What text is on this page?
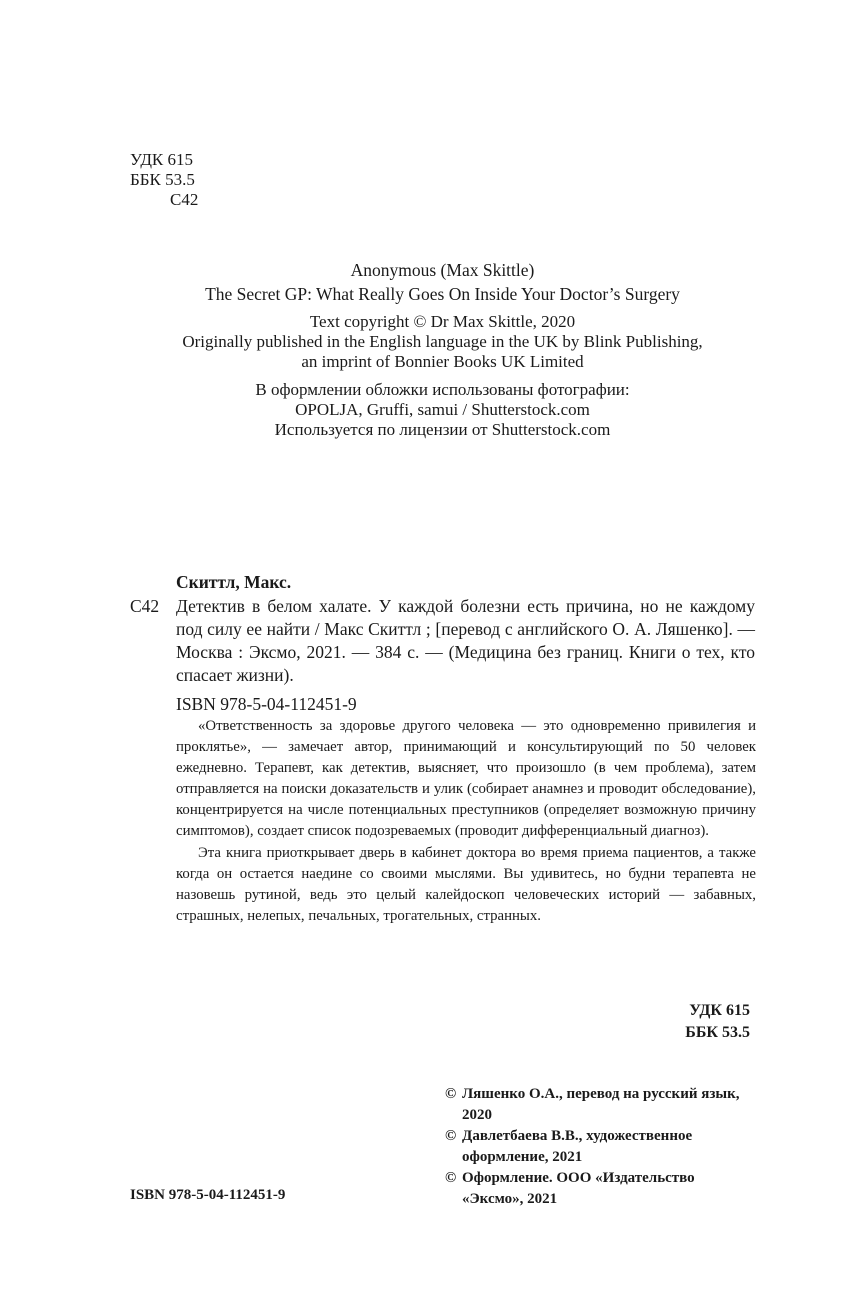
УДК 615
ББК 53.5
С42
Anonymous (Max Skittle)
The Secret GP: What Really Goes On Inside Your Doctor’s Surgery
Text copyright © Dr Max Skittle, 2020
Originally published in the English language in the UK by Blink Publishing,
an imprint of Bonnier Books UK Limited
В оформлении обложки использованы фотографии:
OPOLJA, Gruffi, samui / Shutterstock.com
Используется по лицензии от Shutterstock.com
Скиттл, Макс.
С42 Детектив в белом халате. У каждой болезни есть причина, но не каждому под силу ее найти / Макс Скиттл ; [перевод с английского О. А. Ляшенко]. — Москва : Эксмо, 2021. — 384 с. — (Медицина без границ. Книги о тех, кто спасает жизни).
ISBN 978-5-04-112451-9

«Ответственность за здоровье другого человека — это одновременно привилегия и проклятье», — замечает автор, принимающий и консультирующий по 50 человек ежедневно. Терапевт, как детектив, выясняет, что произошло (в чем проблема), затем отправляется на поиски доказательств и улик (собирает анамнез и проводит обследование), концентрируется на числе потенциальных преступников (определяет возможную причину симптомов), создает список подозреваемых (проводит дифференциальный диагноз).

Эта книга приоткрывает дверь в кабинет доктора во время приема пациентов, а также когда он остается наедине со своими мыслями. Вы удивитесь, но будни терапевта не назовешь рутиной, ведь это целый калейдоскоп человеческих историй — забавных, страшных, нелепых, печальных, трогательных, странных.

УДК 615
ББК 53.5
© Ляшенко О.А., перевод на русский язык, 2020
© Давлетбаева В.В., художественное оформление, 2021
© Оформление. ООО «Издательство «Эксмо», 2021
ISBN 978-5-04-112451-9
